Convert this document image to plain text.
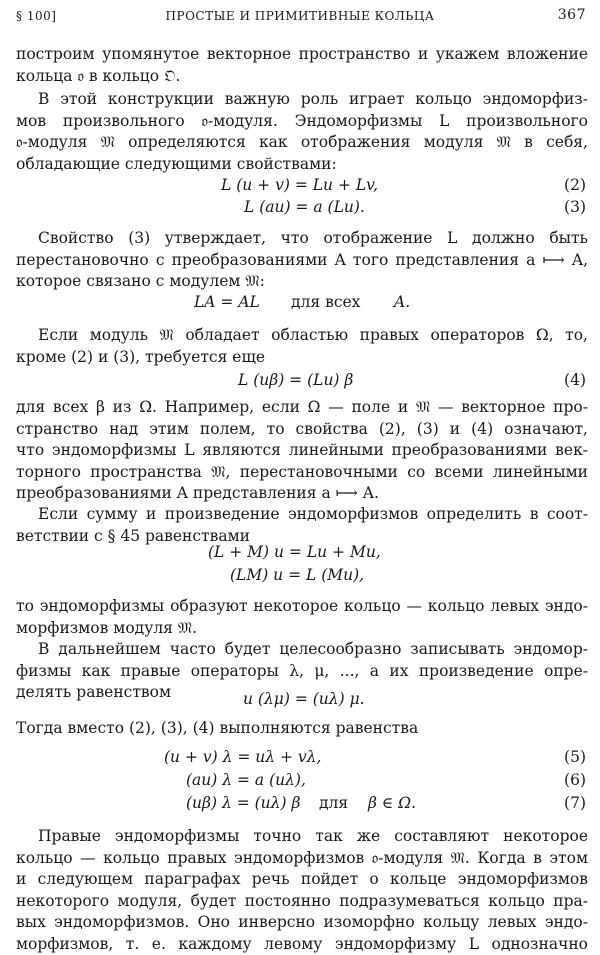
§ 100]	ПРОСТЫЕ И ПРИМИТИВНЫЕ КОЛЬЦА	367
построим упомянутое векторное пространство и укажем вложение
кольца 𝔬 в кольцо 𝔒.
В этой конструкции важную роль играет кольцо эндоморфиз-
мов произвольного 𝔬-модуля. Эндоморфизмы L произвольного
𝔬-модуля 𝔐 определяются как отображения модуля 𝔐 в себя,
обладающие следующими свойствами:
L (u + v) = Lu + Lv,	(2)
L (au) = a (Lu).	(3)
Свойство (3) утверждает, что отображение L должно быть
перестановочно с преобразованиями A того представления a ⟼ A,
которое связано с модулем 𝔐:
LA = AL для всех A.
Если модуль 𝔐 обладает областью правых операторов Ω, то,
кроме (2) и (3), требуется еще
L (uβ) = (Lu) β	(4)
для всех β из Ω. Например, если Ω — поле и 𝔐 — векторное про-
странство над этим полем, то свойства (2), (3) и (4) означают,
что эндоморфизмы L являются линейными преобразованиями век-
торного пространства 𝔐, перестановочными со всеми линейными
преобразованиями A представления a ⟼ A.
Если сумму и произведение эндоморфизмов определить в соот-
ветствии с § 45 равенствами
(L + M) u = Lu + Mu,
(LM) u = L (Mu),
то эндоморфизмы образуют некоторое кольцо — кольцо левых эндо-
морфизмов модуля 𝔐.
В дальнейшем часто будет целесообразно записывать эндомор-
физмы как правые операторы λ, μ, ..., а их произведение опре-
делять равенством	u (λμ) = (uλ) μ.
Тогда вместо (2), (3), (4) выполняются равенства
(u + v) λ = uλ + vλ,	(5)
(au) λ = a (uλ),	(6)
(uβ) λ = (uλ) β для β ∈ Ω.	(7)
Правые эндоморфизмы точно так же составляют некоторое
кольцо — кольцо правых эндоморфизмов 𝔬-модуля 𝔐. Когда в этом
и следующем параграфах речь пойдет о кольце эндоморфизмов
некоторого модуля, будет постоянно подразумеваться кольцо пра-
вых эндоморфизмов. Оно инверсно изоморфно кольцу левых эндо-
морфизмов, т. е. каждому левому эндоморфизму L однозначно
